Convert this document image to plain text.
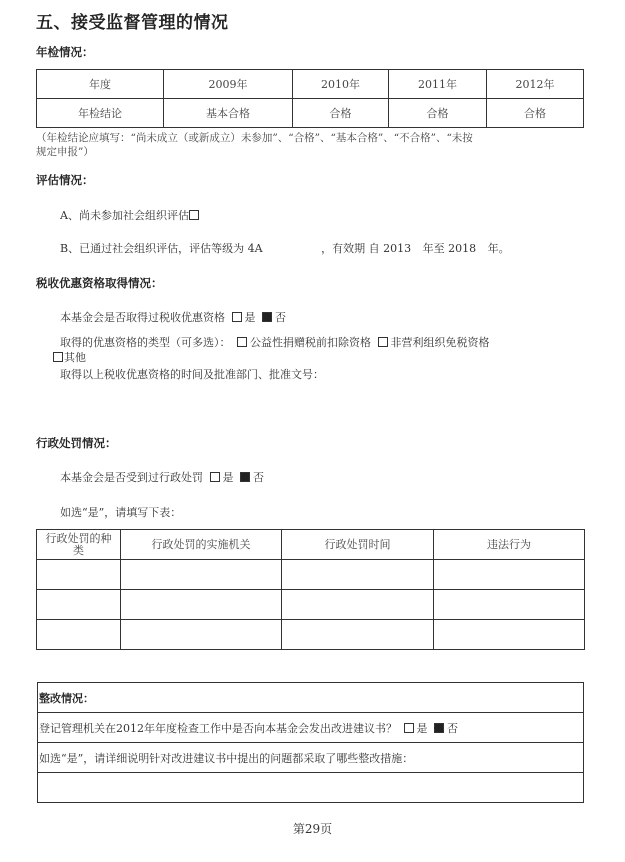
五、接受监督管理的情况
年检情况：
年度	2009年	2010年	2011年	2012年
年检结论	基本合格	合格	合格	合格
（年检结论应填写：“尚未成立（或新成立）未参加”、“合格”、“基本合格”、“不合格”、“未按
规定申报”）
评估情况：
A、尚未参加社会组织评估
B、已通过社会组织评估，评估等级为 4A	，有效期 自 2013 年至 2018 年。
税收优惠资格取得情况：
本基金会是否取得过税收优惠资格 是 否
取得的优惠资格的类型（可多选）： 公益性捐赠税前扣除资格 非营利组织免税资格
其他
取得以上税收优惠资格的时间及批准部门、批准文号：
行政处罚情况：
本基金会是否受到过行政处罚 是 否
如选“是”，请填写下表：
行政处罚的种类	行政处罚的实施机关	行政处罚时间	违法行为

整改情况：
登记管理机关在2012年年度检查工作中是否向本基金会发出改进建议书？ 是 否
如选“是”，请详细说明针对改进建议书中提出的问题都采取了哪些整改措施：

第29页
